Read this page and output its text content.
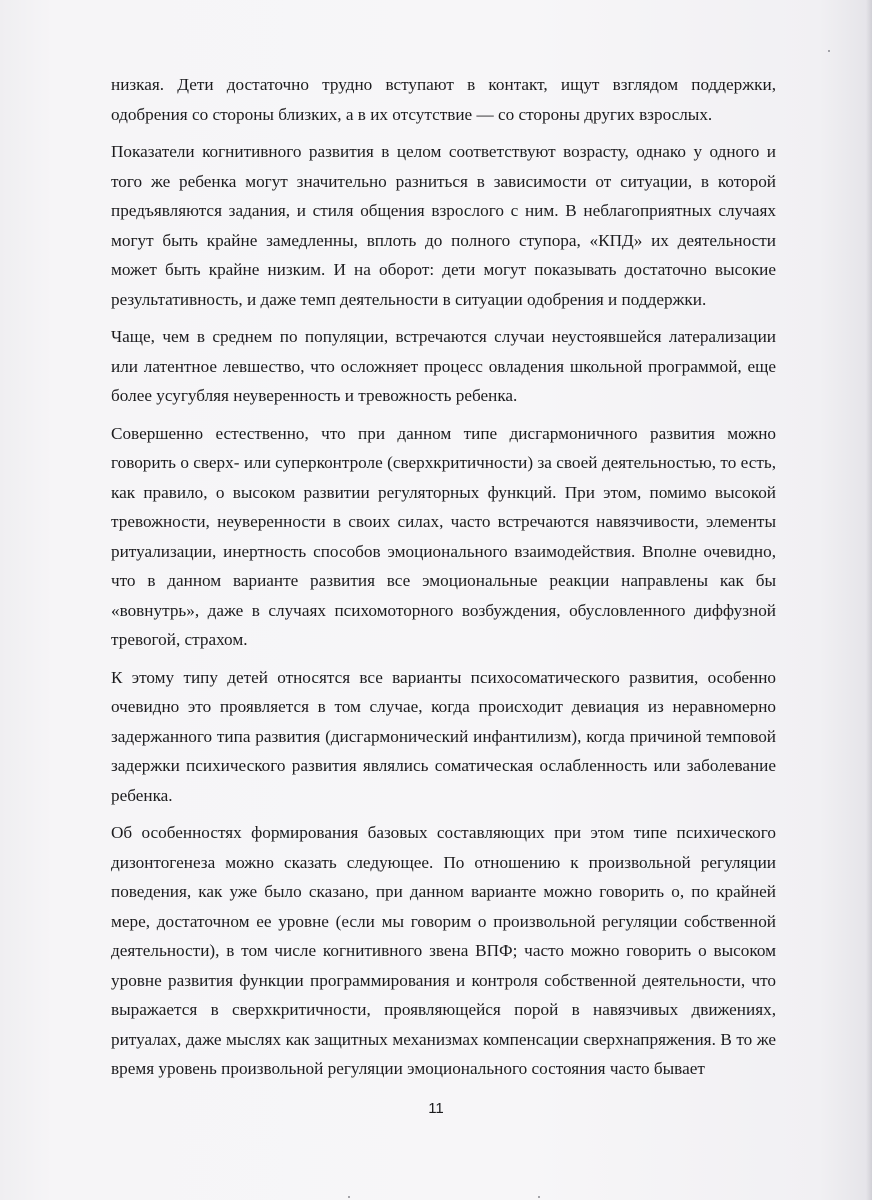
низкая. Дети достаточно трудно вступают в контакт, ищут взглядом поддержки, одобрения со стороны близких, а в их отсутствие — со стороны других взрослых.

Показатели когнитивного развития в целом соответствуют возрасту, однако у одного и того же ребенка могут значительно разниться в зависимости от ситуации, в которой предъявляются задания, и стиля общения взрослого с ним. В неблагоприятных случаях могут быть крайне замедленны, вплоть до полного ступора, «КПД» их деятельности может быть крайне низким. И на оборот: дети могут показывать достаточно высокие результативность, и даже темп деятельности в ситуации одобрения и поддержки.

Чаще, чем в среднем по популяции, встречаются случаи неустоявшейся латерализации или латентное левшество, что осложняет процесс овладения школьной программой, еще более усугубляя неуверенность и тревожность ребенка.

Совершенно естественно, что при данном типе дисгармоничного развития можно говорить о сверх- или суперконтроле (сверхкритичности) за своей деятельностью, то есть, как правило, о высоком развитии регуляторных функций. При этом, помимо высокой тревожности, неуверенности в своих силах, часто встречаются навязчивости, элементы ритуализации, инертность способов эмоционального взаимодействия. Вполне очевидно, что в данном варианте развития все эмоциональные реакции направлены как бы «вовнутрь», даже в случаях психомоторного возбуждения, обусловленного диффузной тревогой, страхом.

К этому типу детей относятся все варианты психосоматического развития, особенно очевидно это проявляется в том случае, когда происходит девиация из неравномерно задержанного типа развития (дисгармонический инфантилизм), когда причиной темповой задержки психического развития являлись соматическая ослабленность или заболевание ребенка.

Об особенностях формирования базовых составляющих при этом типе психического дизонтогенеза можно сказать следующее. По отношению к произвольной регуляции поведения, как уже было сказано, при данном варианте можно говорить о, по крайней мере, достаточном ее уровне (если мы говорим о произвольной регуляции собственной деятельности), в том числе когнитивного звена ВПФ; часто можно говорить о высоком уровне развития функции программирования и контроля собственной деятельности, что выражается в сверхкритичности, проявляющейся порой в навязчивых движениях, ритуалах, даже мыслях как защитных механизмах компенсации сверхнапряжения. В то же время уровень произвольной регуляции эмоционального состояния часто бывает

11
